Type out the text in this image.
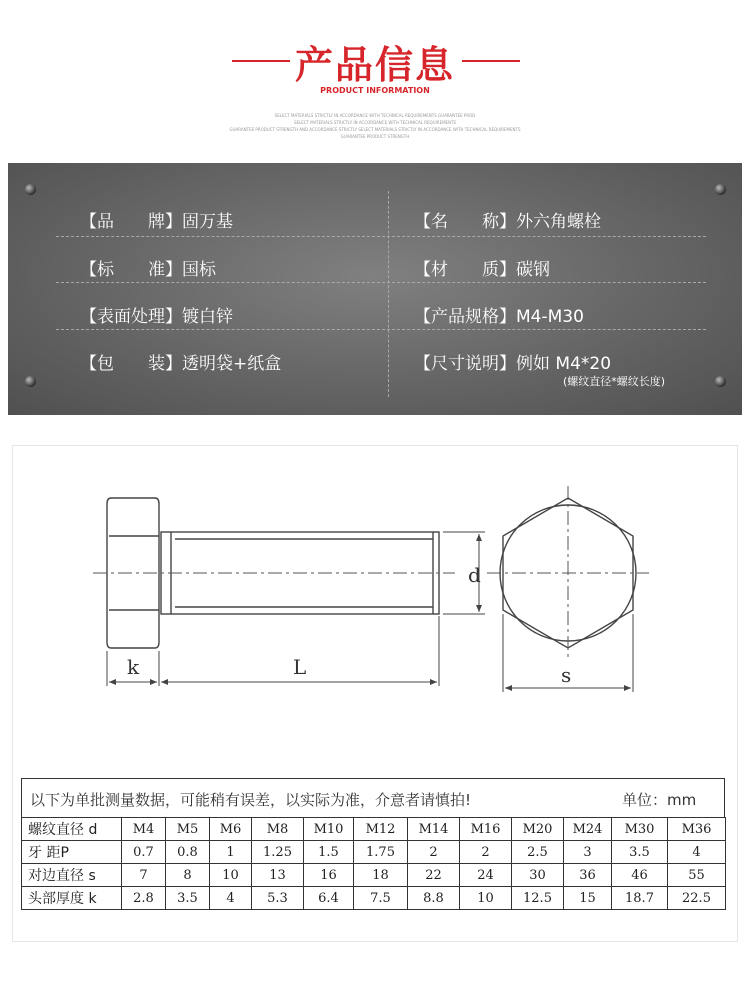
产品信息
PRODUCT INFORMATION
SELECT MATERIALS STRICTLY IN ACCORDANCE WITH TECHNICAL REQUIREMENTS GUARANTEE PROD
SELECT MATERIALS STRICTLY IN ACCORDANCE WITH TECHNICAL REQUIREMENTS
GUARANTEE PRODUCT STRENGTH AND ACCORDANCE STRICTLY SELECT MATERIALS STRICTLY IN ACCORDANCE WITH TECHNICAL REQUIREMENTS
GUARANTEE PRODUCT STRENGTH
【品　　牌】固万基	【名　　称】外六角螺栓
【标　　准】国标	【材　　质】碳钢
【表面处理】镀白锌	【产品规格】M4-M30
【包　　装】透明袋+纸盒	【尺寸说明】例如 M4*20
(螺纹直径*螺纹长度)
k	L
d
s
以下为单批测量数据，可能稍有误差，以实际为准，介意者请慎拍!	单位：mm
螺纹直径 d	M4	M5	M6	M8	M10	M12	M14	M16	M20	M24	M30	M36
牙 距P	0.7	0.8	1	1.25	1.5	1.75	2	2	2.5	3	3.5	4
对边直径 s	7	8	10	13	16	18	22	24	30	36	46	55
头部厚度 k	2.8	3.5	4	5.3	6.4	7.5	8.8	10	12.5	15	18.7	22.5
